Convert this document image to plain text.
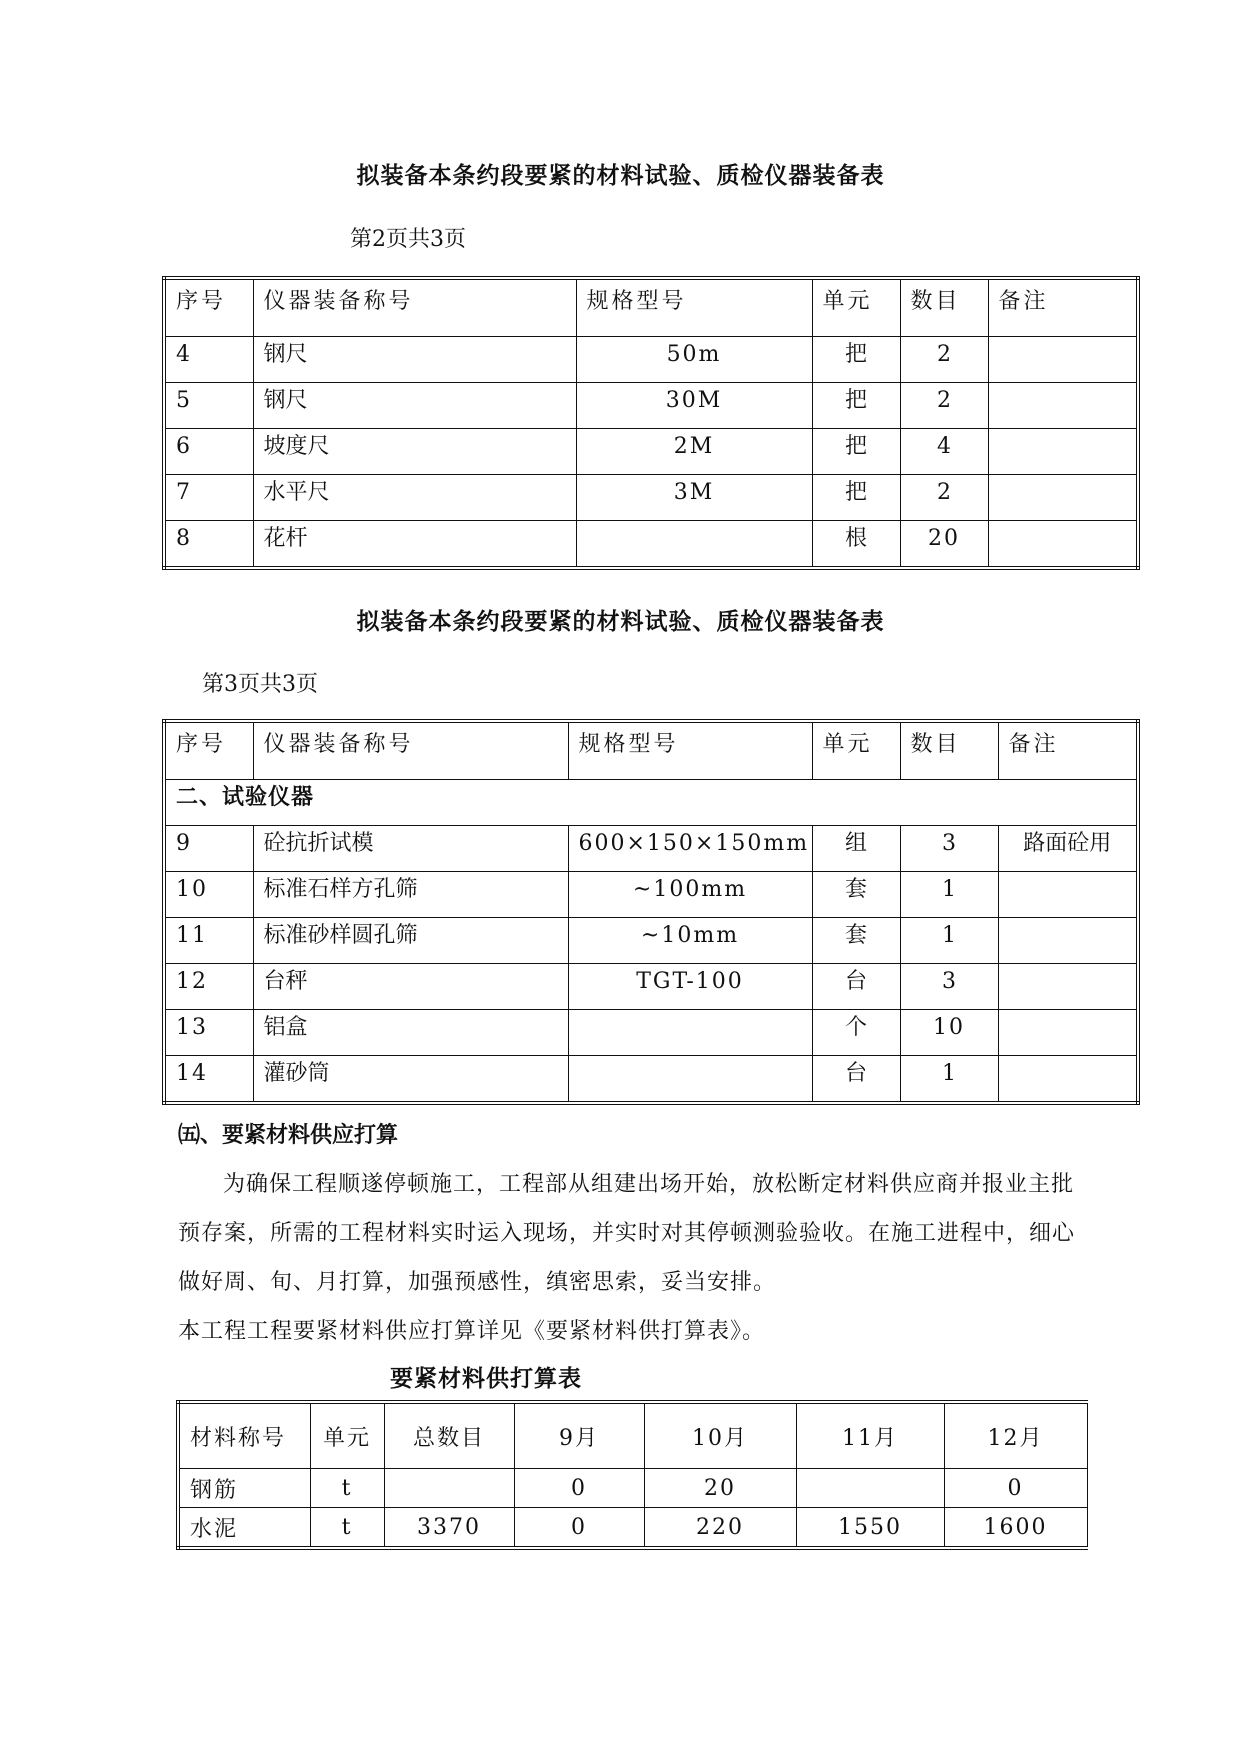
拟装备本条约段要紧的材料试验、质检仪器装备表
第2页共3页
序号	仪器装备称号	规格型号	单元	数目	备注
4	钢尺	50m	把	2	
5	钢尺	30M	把	2	
6	坡度尺	2M	把	4	
7	水平尺	3M	把	2	
8	花杆		根	20	
拟装备本条约段要紧的材料试验、质检仪器装备表
第3页共3页
序号	仪器装备称号	规格型号	单元	数目	备注
二、试验仪器					
9	砼抗折试模	600×150×150mm	组	3	路面砼用
10	标准石样方孔筛	~100mm	套	1	
11	标准砂样圆孔筛	~10mm	套	1	
12	台秤	TGT-100	台	3	
13	铝盒		个	10	
14	灌砂筒		台	1	
㈤、要紧材料供应打算
为确保工程顺遂停顿施工，工程部从组建出场开始，放松断定材料供应商并报业主批预存案，所需的工程材料实时运入现场，并实时对其停顿测验验收。在施工进程中，细心做好周、旬、月打算，加强预感性，缜密思索，妥当安排。
本工程工程要紧材料供应打算详见《要紧材料供打算表》。
要紧材料供打算表
材料称号	单元	总数目	9月	10月	11月	12月
钢筋	t		0	20		0
水泥	t	3370	0	220	1550	1600
